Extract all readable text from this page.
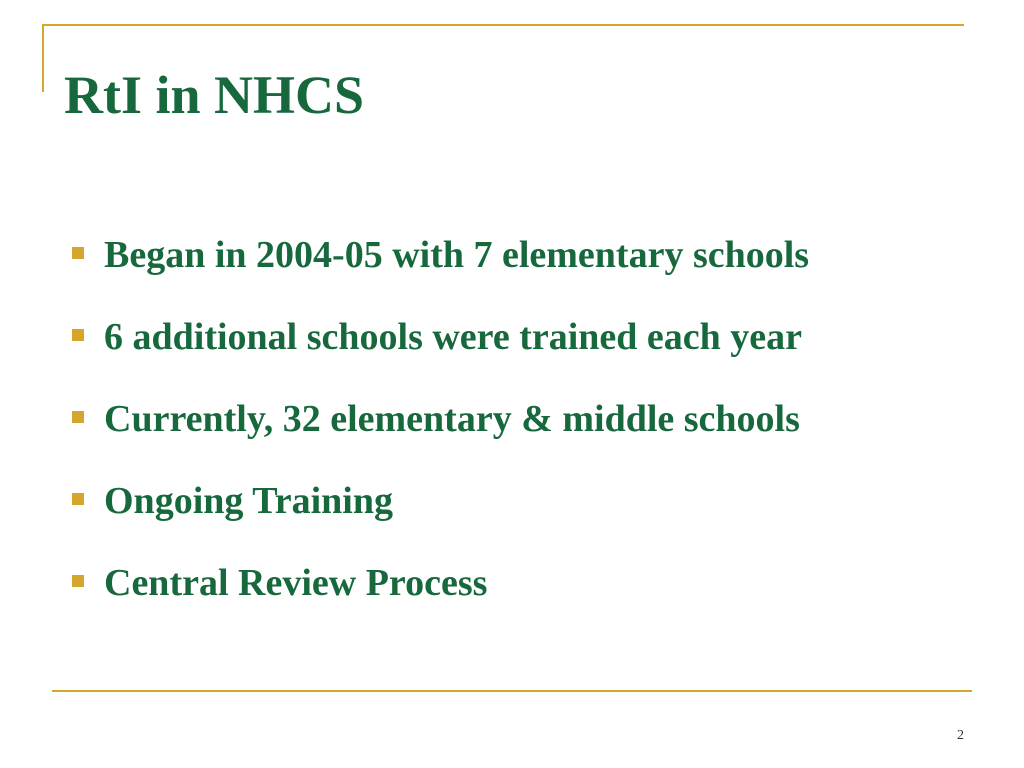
RtI in NHCS
Began in 2004-05 with 7 elementary schools
6 additional schools were trained each year
Currently, 32 elementary & middle schools
Ongoing Training
Central Review Process
2
